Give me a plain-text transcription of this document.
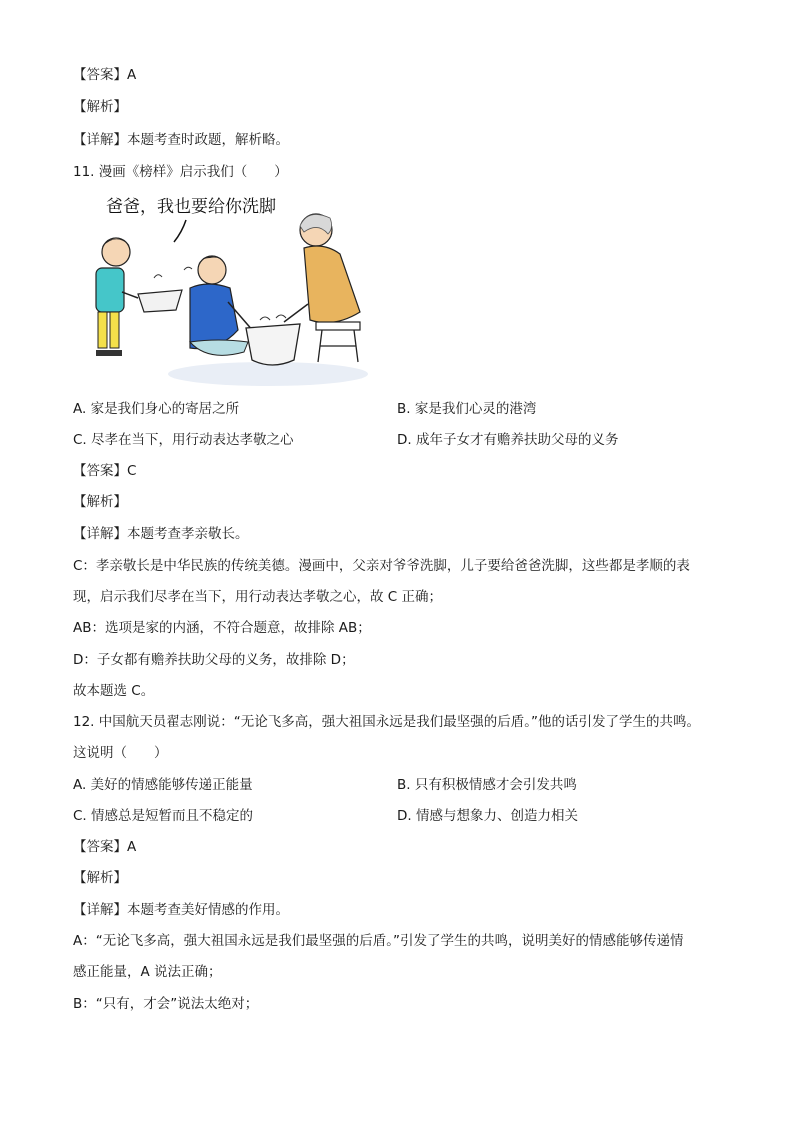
【答案】A
【解析】
【详解】本题考查时政题，解析略。
11. 漫画《榜样》启示我们（　　）
爸爸，我也要给你洗脚
A. 家是我们身心的寄居之所	B. 家是我们心灵的港湾
C. 尽孝在当下，用行动表达孝敬之心	D. 成年子女才有赡养扶助父母的义务
【答案】C
【解析】
【详解】本题考查孝亲敬长。
C：孝亲敬长是中华民族的传统美德。漫画中，父亲对爷爷洗脚，儿子要给爸爸洗脚，这些都是孝顺的表
现，启示我们尽孝在当下，用行动表达孝敬之心，故 C 正确；
AB：选项是家的内涵，不符合题意，故排除 AB；
D：子女都有赡养扶助父母的义务，故排除 D；
故本题选 C。
12. 中国航天员翟志刚说：“无论飞多高，强大祖国永远是我们最坚强的后盾。”他的话引发了学生的共鸣。
这说明（　　）
A. 美好的情感能够传递正能量	B. 只有积极情感才会引发共鸣
C. 情感总是短暂而且不稳定的	D. 情感与想象力、创造力相关
【答案】A
【解析】
【详解】本题考查美好情感的作用。
A：“无论飞多高，强大祖国永远是我们最坚强的后盾。”引发了学生的共鸣，说明美好的情感能够传递情
感正能量，A 说法正确；
B：“只有，才会”说法太绝对；
